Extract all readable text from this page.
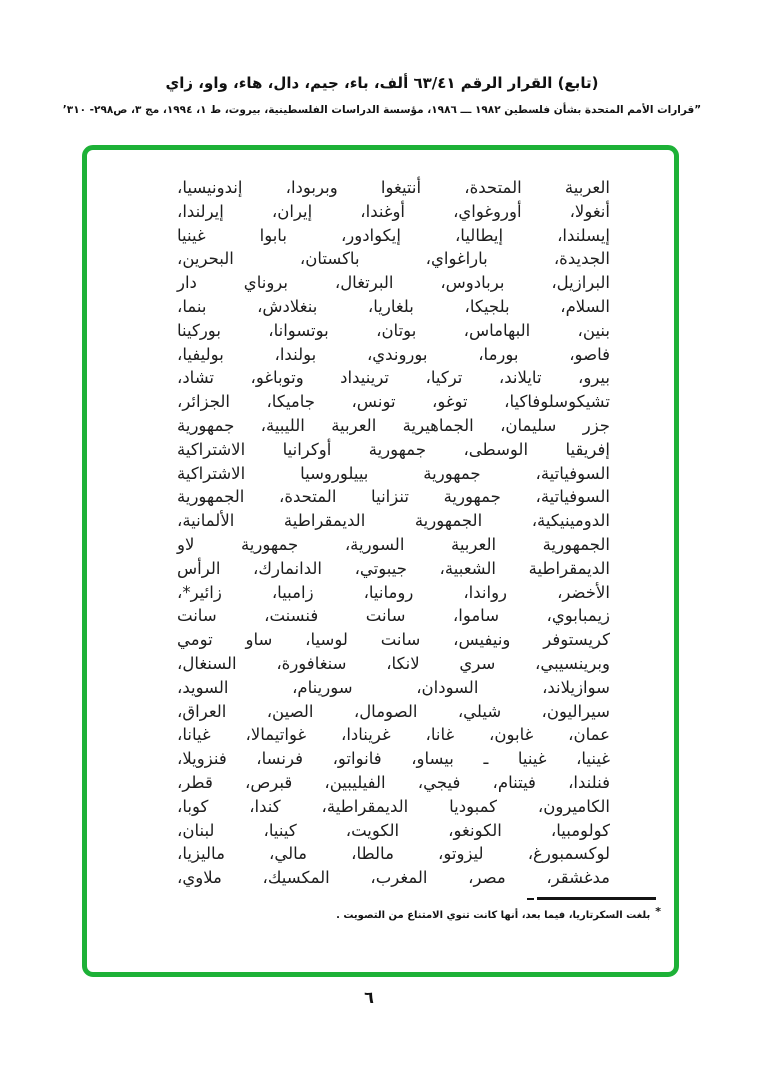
(تابع) القرار الرقم ٤١‏/‏٦٣ ألف، باء، جيم، دال، هاء، واو، زاي
”قرارات الأمم المتحدة بشأن فلسطين ١٩٨٢ ـــ ١٩٨٦، مؤسسة الدراسات الفلسطينية، بيروت، ط ١، ١٩٩٤، مج ٣، ص٢٩٨- ٣١٠’
العربية المتحدة، أنتيغوا وبربودا، إندونيسيا،
أنغولا، أوروغواي، أوغندا، إيران، إيرلندا،
إيسلندا، إيطاليا، إيكوادور، بابوا غينيا
الجديدة، باراغواي، باكستان، البحرين،
البرازيل، بربادوس، البرتغال، بروناي دار
السلام، بلجيكا، بلغاريا، بنغلادش، بنما،
بنين، البهاماس، بوتان، بوتسوانا، بوركينا
فاصو، بورما، بوروندي، بولندا، بوليفيا،
بيرو، تايلاند، تركيا، ترينيداد وتوباغو، تشاد،
تشيكوسلوفاكيا، توغو، تونس، جاميكا، الجزائر،
جزر سليمان، الجماهيرية العربية الليبية، جمهورية
إفريقيا الوسطى، جمهورية أوكرانيا الاشتراكية
السوفياتية، جمهورية بييلوروسيا الاشتراكية
السوفياتية، جمهورية تنزانيا المتحدة، الجمهورية
الدومينيكية، الجمهورية الديمقراطية الألمانية،
الجمهورية العربية السورية، جمهورية لاو
الديمقراطية الشعبية، جيبوتي، الدانمارك، الرأس
الأخضر، رواندا، رومانيا، زامبيا، زائير*،
زيمبابوي، ساموا، سانت فنسنت، سانت
كريستوفر ونيفيس، سانت لوسيا، ساو تومي
وبرينسيبي، سري لانكا، سنغافورة، السنغال،
سوازيلاند، السودان، سورينام، السويد،
سيراليون، شيلي، الصومال، الصين، العراق،
عمان، غابون، غانا، غرينادا، غواتيمالا، غيانا،
غينيا، غينيا ـ بيساو، فانواتو، فرنسا، فنزويلا،
فنلندا، فيتنام، فيجي، الفيليبين، قبرص، قطر،
الكاميرون، كمبوديا الديمقراطية، كندا، كوبا،
كولومبيا، الكونغو، الكويت، كينيا، لبنان،
لوكسمبورغ، ليزوتو، مالطا، مالي، ماليزيا،
مدغشقر، مصر، المغرب، المكسيك، ملاوي،
*بلغت السكرتاريا، فيما بعد، أنها كانت تنوي الامتناع من التصويت .
٦
